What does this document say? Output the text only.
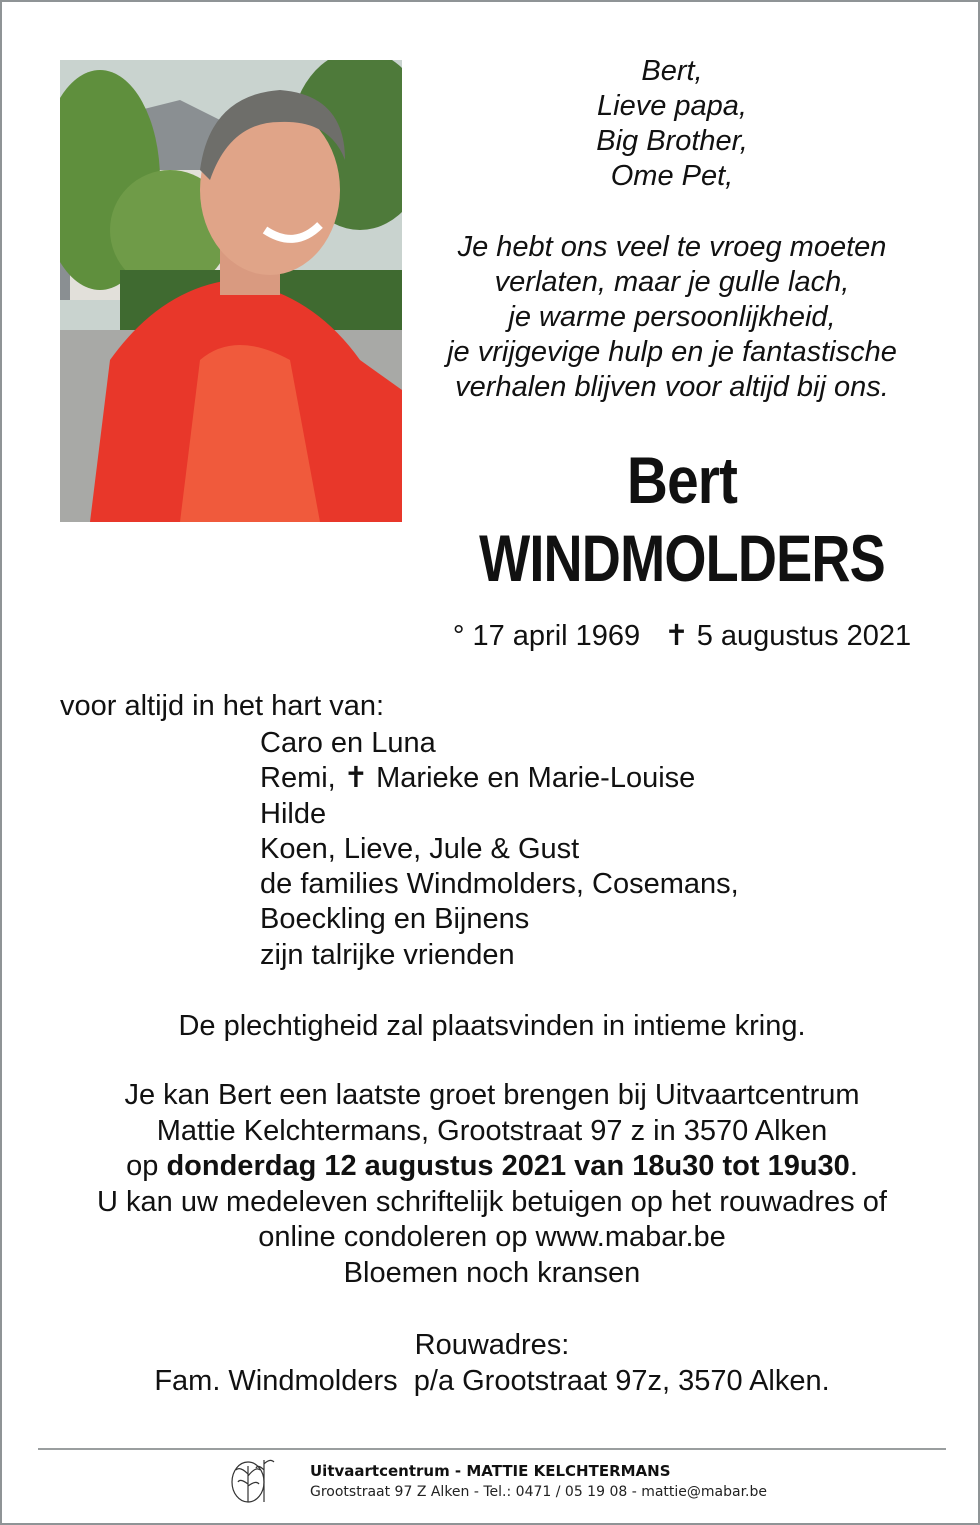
Bert,
Lieve papa,
Big Brother,
Ome Pet,
Je hebt ons veel te vroeg moeten
verlaten, maar je gulle lach,
je warme persoonlijkheid,
je vrijgevige hulp en je fantastische
verhalen blijven voor altijd bij ons.
Bert
WINDMOLDERS
° 17 april 1969 ✝ 5 augustus 2021
voor altijd in het hart van:
Caro en Luna
Remi, ✝ Marieke en Marie-Louise
Hilde
Koen, Lieve, Jule & Gust
de families Windmolders, Cosemans,
Boeckling en Bijnens
zijn talrijke vrienden
De plechtigheid zal plaatsvinden in intieme kring.
Je kan Bert een laatste groet brengen bij Uitvaartcentrum
Mattie Kelchtermans, Grootstraat 97 z in 3570 Alken
op donderdag 12 augustus 2021 van 18u30 tot 19u30.
U kan uw medeleven schriftelijk betuigen op het rouwadres of
online condoleren op www.mabar.be
Bloemen noch kransen
Rouwadres:
Fam. Windmolders  p/a Grootstraat 97z, 3570 Alken.
Uitvaartcentrum - MATTIE KELCHTERMANS
Grootstraat 97 Z Alken - Tel.: 0471 / 05 19 08 - mattie@mabar.be
